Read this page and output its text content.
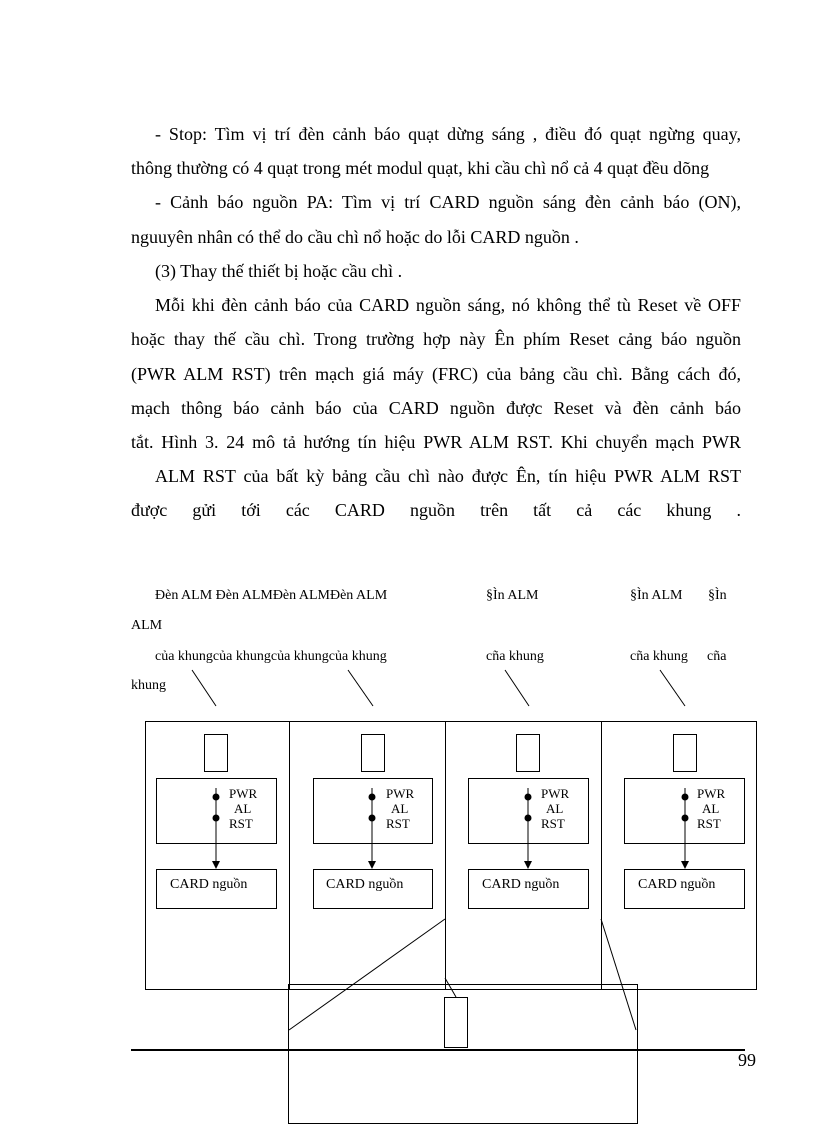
- Stop: Tìm vị trí đèn cảnh báo quạt dừng sáng , điều đó quạt ngừng quay,
thông thường có 4 quạt trong mét modul quạt, khi cầu chì nổ cả 4 quạt đều dõng
- Cảnh báo nguồn PA: Tìm vị trí CARD nguồn sáng đèn cảnh báo (ON),
nguuyên nhân có thể do cầu chì nổ hoặc do lỗi CARD nguồn .
(3) Thay thế thiết bị hoặc cầu chì .
Mỗi khi đèn cảnh báo của CARD nguồn sáng, nó không thể tù Reset về OFF
hoặc thay thế cầu chì. Trong trường hợp này Ên phím Reset cảng báo nguồn
(PWR ALM RST) trên mạch giá máy (FRC) của bảng cầu chì. Bằng cách đó,
mạch thông báo cảnh báo của CARD nguồn được Reset và đèn cảnh báo
tắt. Hình 3. 24 mô tả hướng tín hiệu PWR ALM RST. Khi chuyển mạch PWR
ALM RST của bất kỳ bảng cầu chì nào được Ên, tín hiệu PWR ALM RST
được gửi tới các CARD nguồn trên tất cả các khung .
Đèn ALM Đèn ALMĐèn ALMĐèn ALM	§Ìn ALM	§Ìn ALM §Ìn
ALM
của khungcủa khungcủa khungcủa khung	cña khung	cña khung cña
khung
PWR
AL
RST
PWR
AL
RST
PWR
AL
RST
PWR
AL
RST
CARD nguồn	CARD nguồn	CARD nguồn	CARD nguồn
99
